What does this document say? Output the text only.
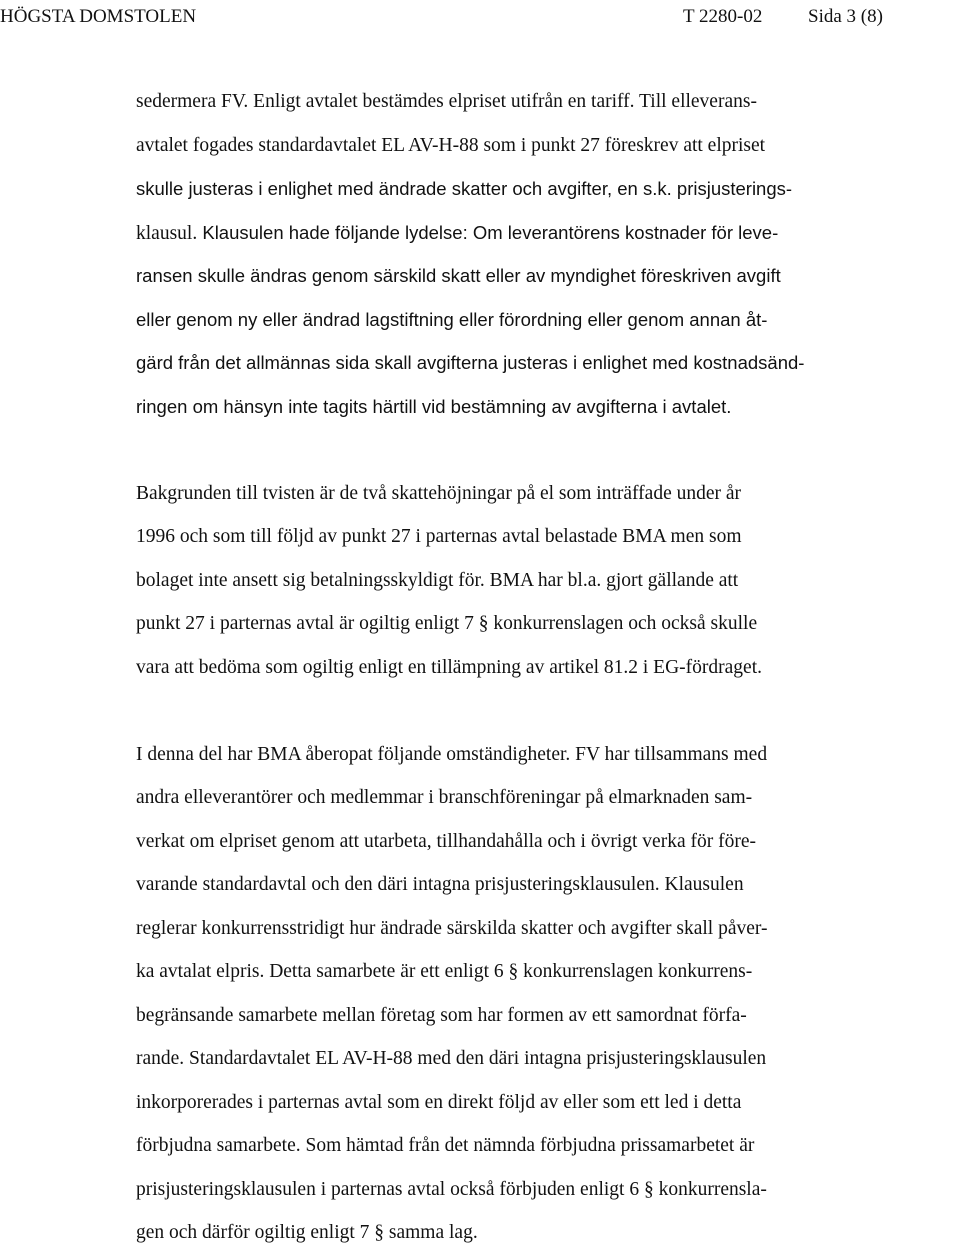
HÖGSTA DOMSTOLEN	T 2280-02 Sida 3 (8)
sedermera FV. Enligt avtalet bestämdes elpriset utifrån en tariff. Till elleverans-
avtalet fogades standardavtalet EL AV-H-88 som i punkt 27 föreskrev att elpriset
skulle justeras i enlighet med ändrade skatter och avgifter, en s.k. prisjusterings-
klausul. Klausulen hade följande lydelse: Om leverantörens kostnader för leve-
ransen skulle ändras genom särskild skatt eller av myndighet föreskriven avgift
eller genom ny eller ändrad lagstiftning eller förordning eller genom annan åt-
gärd från det allmännas sida skall avgifterna justeras i enlighet med kostnadsänd-
ringen om hänsyn inte tagits härtill vid bestämning av avgifterna i avtalet.
Bakgrunden till tvisten är de två skattehöjningar på el som inträffade under år
1996 och som till följd av punkt 27 i parternas avtal belastade BMA men som
bolaget inte ansett sig betalningsskyldigt för. BMA har bl.a. gjort gällande att
punkt 27 i parternas avtal är ogiltig enligt 7 § konkurrenslagen och också skulle
vara att bedöma som ogiltig enligt en tillämpning av artikel 81.2 i EG-fördraget.
I denna del har BMA åberopat följande omständigheter. FV har tillsammans med
andra elleverantörer och medlemmar i branschföreningar på elmarknaden sam-
verkat om elpriset genom att utarbeta, tillhandahålla och i övrigt verka för före-
varande standardavtal och den däri intagna prisjusteringsklausulen. Klausulen
reglerar konkurrensstridigt hur ändrade särskilda skatter och avgifter skall påver-
ka avtalat elpris. Detta samarbete är ett enligt 6 § konkurrenslagen konkurrens-
begränsande samarbete mellan företag som har formen av ett samordnat förfa-
rande. Standardavtalet EL AV-H-88 med den däri intagna prisjusteringsklausulen
inkorporerades i parternas avtal som en direkt följd av eller som ett led i detta
förbjudna samarbete. Som hämtad från det nämnda förbjudna prissamarbetet är
prisjusteringsklausulen i parternas avtal också förbjuden enligt 6 § konkurrensla-
gen och därför ogiltig enligt 7 § samma lag.
